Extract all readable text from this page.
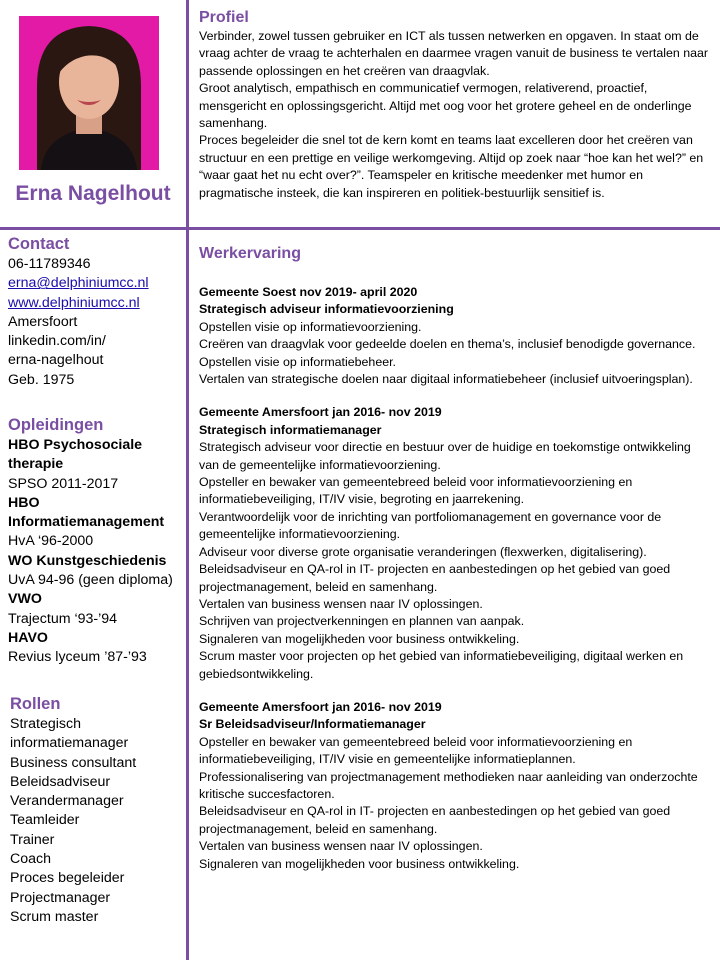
Erna Nagelhout
Contact
06-11789346
erna@delphiniumcc.nl
www.delphiniumcc.nl
Amersfoort
linkedin.com/in/
erna-nagelhout
Geb. 1975
Opleidingen
HBO Psychosociale therapie
SPSO 2011-2017
HBO Informatiemanagement
HvA ‘96-2000
WO Kunstgeschiedenis
UvA 94-96 (geen diploma)
VWO
Trajectum ‘93-’94
HAVO
Revius lyceum ’87-’93
Rollen
Strategisch informatiemanager
Business consultant
Beleidsadviseur
Verandermanager
Teamleider
Trainer
Coach
Proces begeleider
Projectmanager
Scrum master
Profiel

Verbinder, zowel tussen gebruiker en ICT als tussen netwerken en opgaven. In staat om de vraag achter de vraag te achterhalen en daarmee vragen vanuit de business te vertalen naar passende oplossingen en het creëren van draagvlak.

Groot analytisch, empathisch en communicatief vermogen, relativerend, proactief, mensgericht en oplossingsgericht. Altijd met oog voor het grotere geheel en de onderlinge samenhang.

Proces begeleider die snel tot de kern komt en teams laat excelleren door het creëren van structuur en een prettige en veilige werkomgeving. Altijd op zoek naar “hoe kan het wel?” en “waar gaat het nu echt over?”. Teamspeler en kritische meedenker met humor en pragmatische insteek, die kan inspireren en politiek-bestuurlijk sensitief is.

Werkervaring

Gemeente Soest nov 2019- april 2020

Strategisch adviseur informatievoorziening

Opstellen visie op informatievoorziening.

Creëren van draagvlak voor gedeelde doelen en thema’s, inclusief benodigde governance.

Opstellen visie op informatiebeheer.

Vertalen van strategische doelen naar digitaal informatiebeheer (inclusief uitvoeringsplan).

Gemeente Amersfoort jan 2016- nov 2019

Strategisch informatiemanager

Strategisch adviseur voor directie en bestuur over de huidige en toekomstige ontwikkeling van de gemeentelijke informatievoorziening.

Opsteller en bewaker van gemeentebreed beleid voor informatievoorziening en informatiebeveiliging, IT/IV visie, begroting en jaarrekening.

Verantwoordelijk voor de inrichting van portfoliomanagement en governance voor de gemeentelijke informatievoorziening.

Adviseur voor diverse grote organisatie veranderingen (flexwerken, digitalisering).

Beleidsadviseur en QA-rol in IT- projecten en aanbestedingen op het gebied van goed projectmanagement, beleid en samenhang.

Vertalen van business wensen naar IV oplossingen.

Schrijven van projectverkenningen en plannen van aanpak.

Signaleren van mogelijkheden voor business ontwikkeling.

Scrum master voor projecten op het gebied van informatiebeveiliging, digitaal werken en gebiedsontwikkeling.

Gemeente Amersfoort jan 2016- nov 2019

Sr Beleidsadviseur/Informatiemanager

Opsteller en bewaker van gemeentebreed beleid voor informatievoorziening en informatiebeveiliging, IT/IV visie en gemeentelijke informatieplannen.

Professionalisering van projectmanagement methodieken naar aanleiding van onderzochte kritische succesfactoren.

Beleidsadviseur en QA-rol in IT- projecten en aanbestedingen op het gebied van goed projectmanagement, beleid en samenhang.

Vertalen van business wensen naar IV oplossingen.

Signaleren van mogelijkheden voor business ontwikkeling.
